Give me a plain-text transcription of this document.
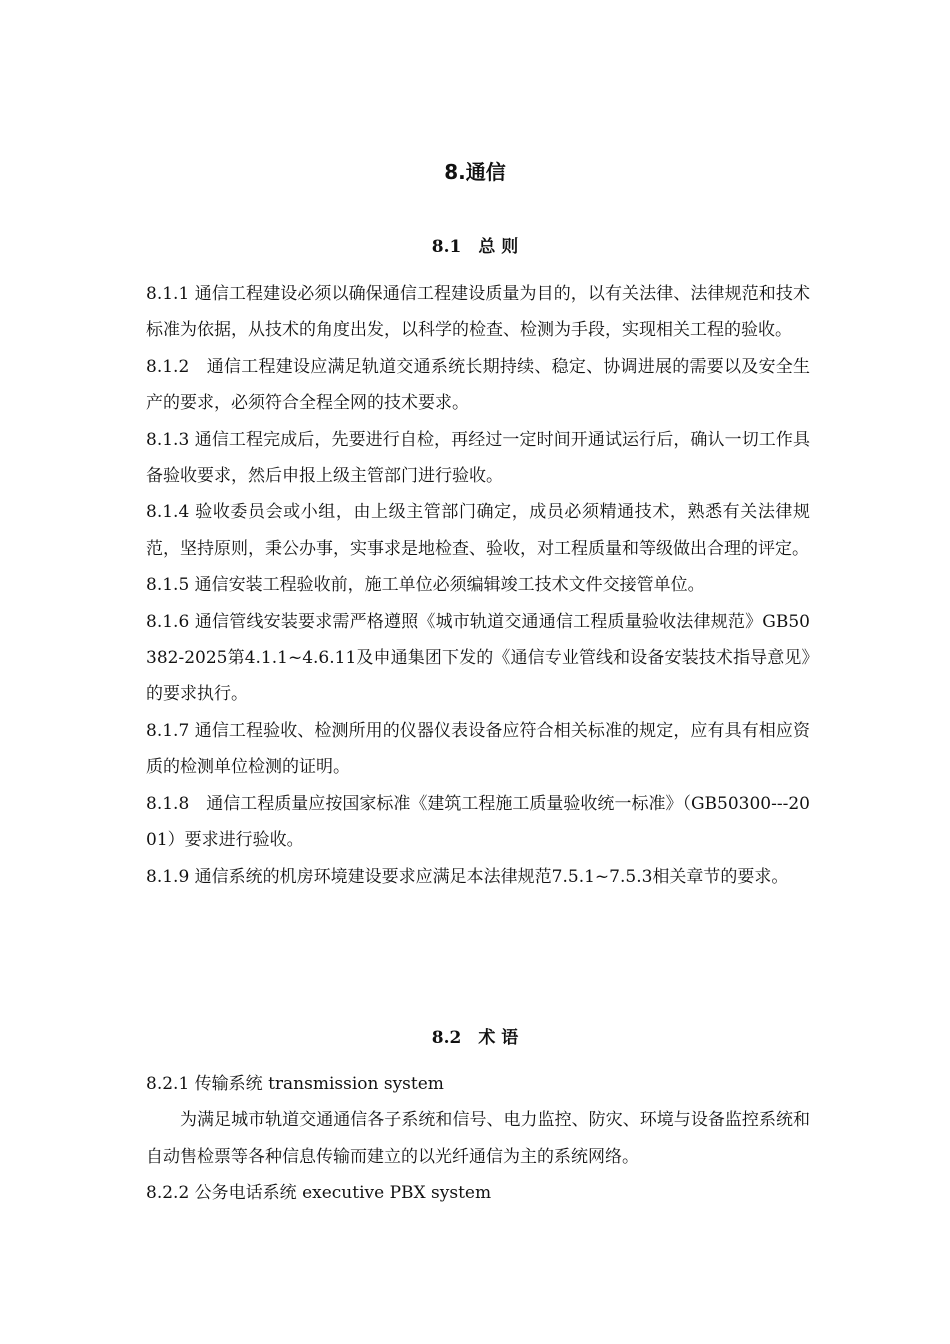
8.通信
8.1　总 则

8.1.1 通信工程建设必须以确保通信工程建设质量为目的，以有关法律、法律规范和技术标准为依据，从技术的角度出发，以科学的检查、检测为手段，实现相关工程的验收。

8.1.2　通信工程建设应满足轨道交通系统长期持续、稳定、协调进展的需要以及安全生产的要求，必须符合全程全网的技术要求。

8.1.3 通信工程完成后，先要进行自检，再经过一定时间开通试运行后，确认一切工作具备验收要求，然后申报上级主管部门进行验收。

8.1.4 验收委员会或小组，由上级主管部门确定，成员必须精通技术，熟悉有关法律规范，坚持原则，秉公办事，实事求是地检查、验收，对工程质量和等级做出合理的评定。

8.1.5 通信安装工程验收前，施工单位必须编辑竣工技术文件交接管单位。

8.1.6 通信管线安装要求需严格遵照《城市轨道交通通信工程质量验收法律规范》GB50382-2025第4.1.1~4.6.11及申通集团下发的《通信专业管线和设备安装技术指导意见》的要求执行。

8.1.7 通信工程验收、检测所用的仪器仪表设备应符合相关标准的规定，应有具有相应资质的检测单位检测的证明。

8.1.8　通信工程质量应按国家标准《建筑工程施工质量验收统一标准》（GB50300---2001）要求进行验收。

8.1.9 通信系统的机房环境建设要求应满足本法律规范7.5.1~7.5.3相关章节的要求。

8.2　术 语

8.2.1 传输系统 transmission system

为满足城市轨道交通通信各子系统和信号、电力监控、防灾、环境与设备监控系统和自动售检票等各种信息传输而建立的以光纤通信为主的系统网络。

8.2.2 公务电话系统 executive PBX system
